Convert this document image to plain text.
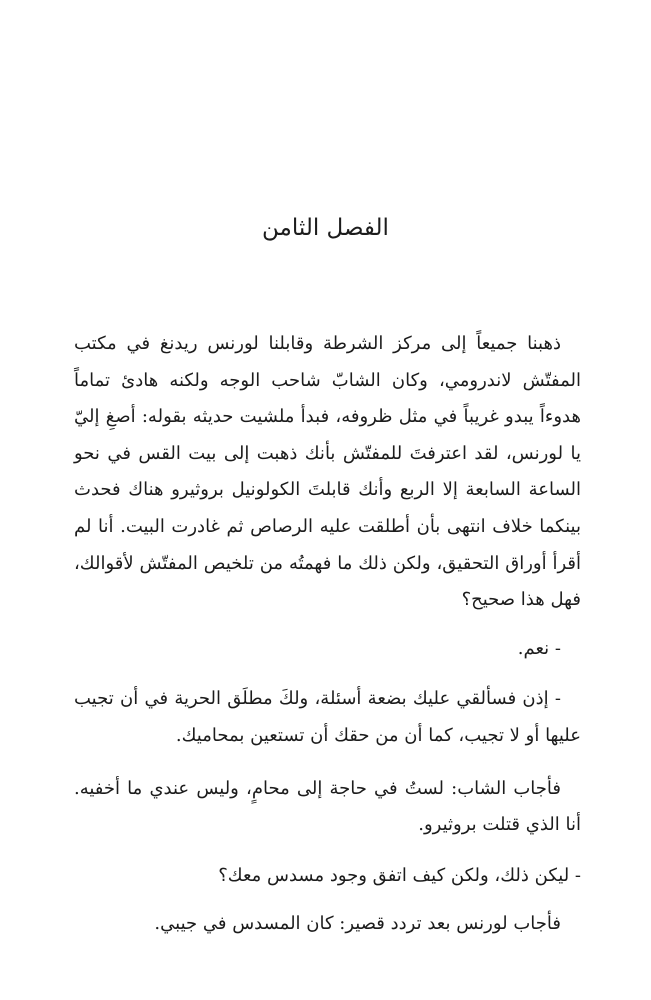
الفصل الثامن

ذهبنا جميعاً إلى مركز الشرطة وقابلنا لورنس ريدنغ في مكتب المفتّش لاندرومي، وكان الشابّ شاحب الوجه ولكنه هادئ تماماً هدوءاً يبدو غريباً في مثل ظروفه، فبدأ ملشيت حديثه بقوله: أصغِ إليّ يا لورنس، لقد اعترفتَ للمفتّش بأنك ذهبت إلى بيت القس في نحو الساعة السابعة إلا الربع وأنك قابلتَ الكولونيل بروثيرو هناك فحدث بينكما خلاف انتهى بأن أطلقت عليه الرصاص ثم غادرت البيت. أنا لم أقرأ أوراق التحقيق، ولكن ذلك ما فهمتُه من تلخيص المفتّش لأقوالك، فهل هذا صحيح؟

- نعم.

- إذن فسألقي عليك بضعة أسئلة، ولكَ مطلَق الحرية في أن تجيب عليها أو لا تجيب، كما أن من حقك أن تستعين بمحاميك.

فأجاب الشاب: لستُ في حاجة إلى محامٍ، وليس عندي ما أخفيه. أنا الذي قتلت بروثيرو.

- ليكن ذلك، ولكن كيف اتفق وجود مسدس معك؟

فأجاب لورنس بعد تردد قصير: كان المسدس في جيبي.
